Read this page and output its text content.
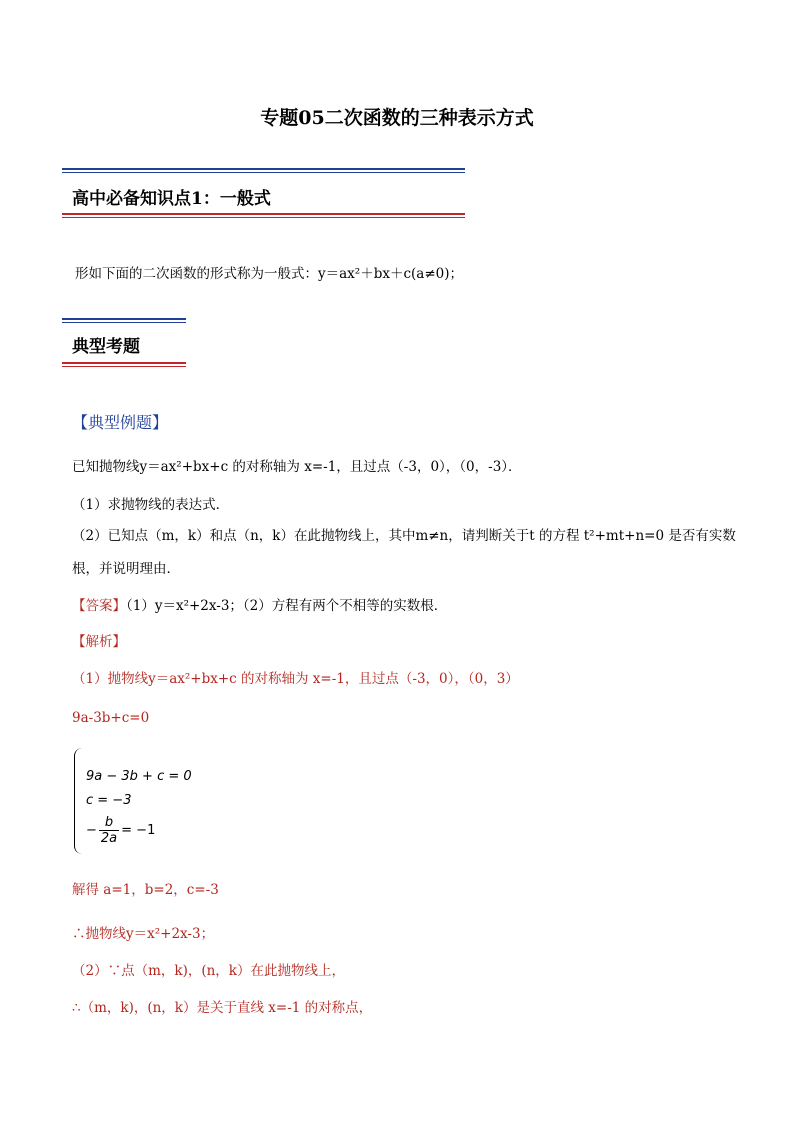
专题05二次函数的三种表示方式
高中必备知识点1：一般式
形如下面的二次函数的形式称为一般式：y＝ax²＋bx＋c(a≠0)；
典型考题
【典型例题】
已知抛物线y＝ax²+bx+c 的对称轴为 x=-1，且过点（-3，0），（0，-3）．
（1）求抛物线的表达式．
（2）已知点（m，k）和点（n，k）在此抛物线上，其中m≠n，请判断关于t 的方程 t²+mt+n=0 是否有实数
根，并说明理由．
【答案】（1）y＝x²+2x-3；（2）方程有两个不相等的实数根．
【解析】
（1）抛物线y＝ax²+bx+c 的对称轴为 x=-1，且过点（-3，0），（0，3）
9a-3b+c=0
9a − 3b + c = 0
c = −3
− $\frac{b}{2a} = -1$
解得 a=1，b=2，c=-3
∴抛物线y＝x²+2x-3；
（2）∵点（m，k)，(n，k）在此抛物线上，
∴（m，k)，(n，k）是关于直线 x=-1 的对称点，
